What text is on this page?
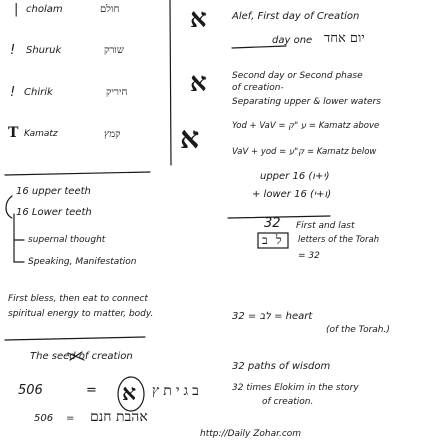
| cholam	חולם
! Shuruk	שורק
! Chirik	חיריק
T Kamatz	קמץ
א	Alef, First day of Creation
day one יום אחד
א	Second day or Second phase
of creation-
Separating upper & lower waters
Yod + VaV = ע "ק = Kamatz above
א	VaV + yod = ק"ע = Kamatz below
upper 16 (י+ו)
+ lower 16 (ו+י)
16 upper teeth
16 Lower teeth
supernal thought
Speaking, Manifestation
First bless, then eat to connect
spiritual energy to matter, body.
32
ב ל
First and last
letters of the Torah
= 32
32 = לב = heart
(of the Torah.)
32 paths of wisdom
32 times Elokim in the story
of creation.
The seed of creation
506	= א בגיתץ
506 = אהבת חנם
http://Daily Zohar.com
